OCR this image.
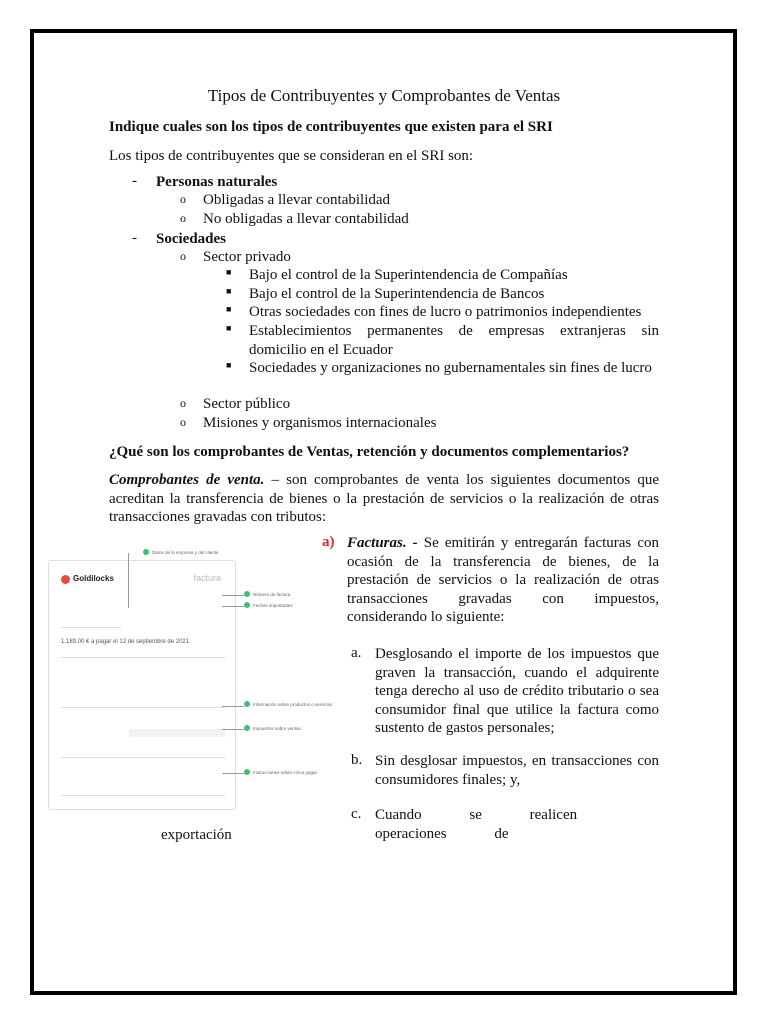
Tipos de Contribuyentes y Comprobantes de Ventas
Indique cuales son los tipos de contribuyentes que existen para el SRI
Los tipos de contribuyentes que se consideran en el SRI son:
- Personas naturales
o Obligadas a llevar contabilidad
o No obligadas a llevar contabilidad
- Sociedades
o Sector privado
■ Bajo el control de la Superintendencia de Compañías
■ Bajo el control de la Superintendencia de Bancos
■ Otras sociedades con fines de lucro o patrimonios independientes
■ Establecimientos permanentes de empresas extranjeras sin domicilio en el Ecuador
■ Sociedades y organizaciones no gubernamentales sin fines de lucro
o Sector público
o Misiones y organismos internacionales
¿Qué son los comprobantes de Ventas, retención y documentos complementarios?
Comprobantes de venta. – son comprobantes de venta los siguientes documentos que acreditan la transferencia de bienes o la prestación de servicios o la realización de otras transacciones gravadas con tributos:
a) Facturas. - Se emitirán y entregarán facturas con ocasión de la transferencia de bienes, de la prestación de servicios o la realización de otras transacciones gravadas con impuestos, considerando lo siguiente:
a. Desglosando el importe de los impuestos que graven la transacción, cuando el adquirente tenga derecho al uso de crédito tributario o sea consumidor final que utilice la factura como sustento de gastos personales;
b. Sin desglosar impuestos, en transacciones con consumidores finales; y,
c. Cuando se realicen operaciones de
exportación
Goldilocks	factura
1,189.00 € a pagar el 12 de septiembre de 2021
Datos de la empresa y del cliente
Número de factura
Fechas importantes
Información sobre productos o servicios
Impuestos sobre ventas
Instrucciones sobre cómo pagar
